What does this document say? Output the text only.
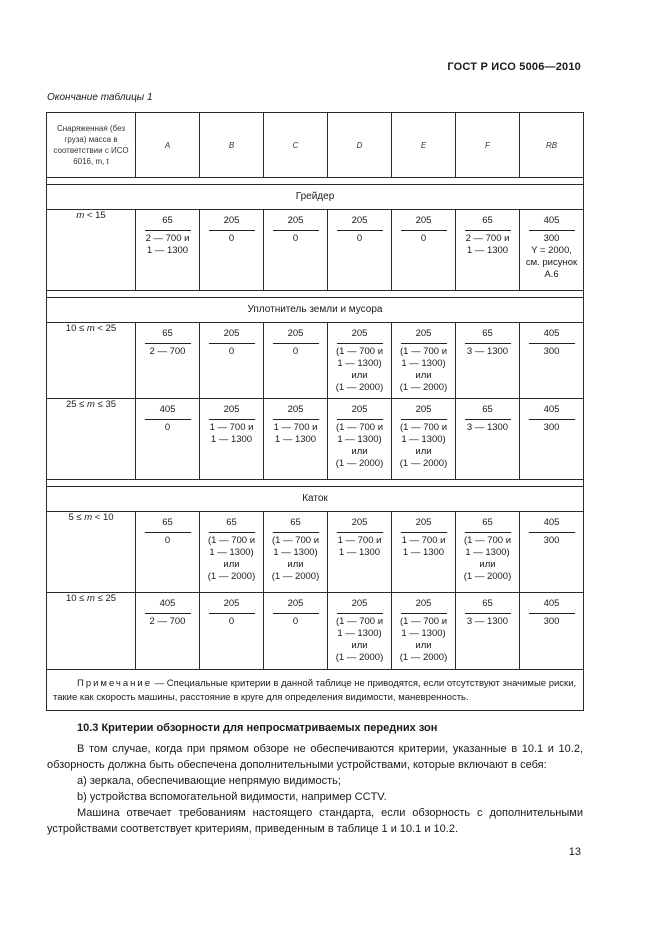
ГОСТ Р ИСО 5006—2010
Окончание таблицы 1
Снаряженная (без груза) масса в соответствии с ИСО 6016, m, t	A	B	C	D	E	F	RB

Грейдер							
m < 15	65
2 — 700 и
1 — 1300	205
0	205
0	205
0	205
0	65
2 — 700 и
1 — 1300	405
300
Y = 2000,
см. рисунок
A.6

Уплотнитель земли и мусора							
10 ≤ m < 25	65
2 — 700	205
0	205
0	205
(1 — 700 и
1 — 1300)
или
(1 — 2000)	205
(1 — 700 и
1 — 1300)
или
(1 — 2000)	65
3 — 1300	405
300

25 ≤ m ≤ 35	405
0	205
1 — 700 и
1 — 1300	205
1 — 700 и
1 — 1300	205
(1 — 700 и
1 — 1300)
или
(1 — 2000)	205
(1 — 700 и
1 — 1300)
или
(1 — 2000)	65
3 — 1300	405
300

Каток							
5 ≤ m < 10	65
0	65
(1 — 700 и
1 — 1300)
или
(1 — 2000)	65
(1 — 700 и
1 — 1300)
или
(1 — 2000)	205
1 — 700 и
1 — 1300	205
1 — 700 и
1 — 1300	65
(1 — 700 и
1 — 1300)
или
(1 — 2000)	405
300

10 ≤ m ≤ 25	405
2 — 700	205
0	205
0	205
(1 — 700 и
1 — 1300)
или
(1 — 2000)	205
(1 — 700 и
1 — 1300)
или
(1 — 2000)	65
3 — 1300	405
300

Примечание — Специальные критерии в данной таблице не приводятся, если отсутствуют значимые риски, такие как скорость машины, расстояние в круге для определения видимости, маневренность.							
10.3 Критерии обзорности для непросматриваемых передних зон

В том случае, когда при прямом обзоре не обеспечиваются критерии, указанные в 10.1 и 10.2, обзорность должна быть обеспечена дополнительными устройствами, которые включают в себя:

a) зеркала, обеспечивающие непрямую видимость;

b) устройства вспомогательной видимости, например CCTV.

Машина отвечает требованиям настоящего стандарта, если обзорность с дополнительными устройствами соответствует критериям, приведенным в таблице 1 и 10.1 и 10.2.

13
